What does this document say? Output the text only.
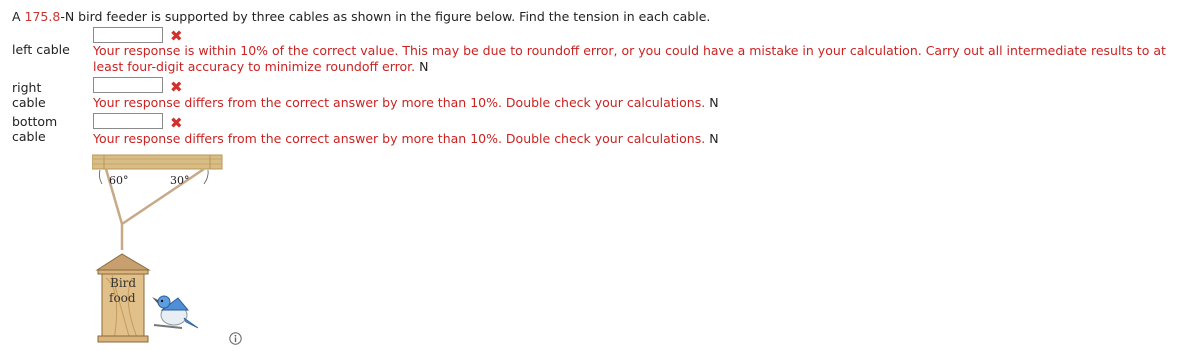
A 175.8-N bird feeder is supported by three cables as shown in the figure below. Find the tension in each cable.
left cable
✖
Your response is within 10% of the correct value. This may be due to roundoff error, or you could have a mistake in your calculation. Carry out all intermediate results to at least four-digit accuracy to minimize roundoff error. N
right
cable
✖
Your response differs from the correct answer by more than 10%. Double check your calculations. N
bottom
cable
✖
Your response differs from the correct answer by more than 10%. Double check your calculations. N
60°	30°
Bird
food
